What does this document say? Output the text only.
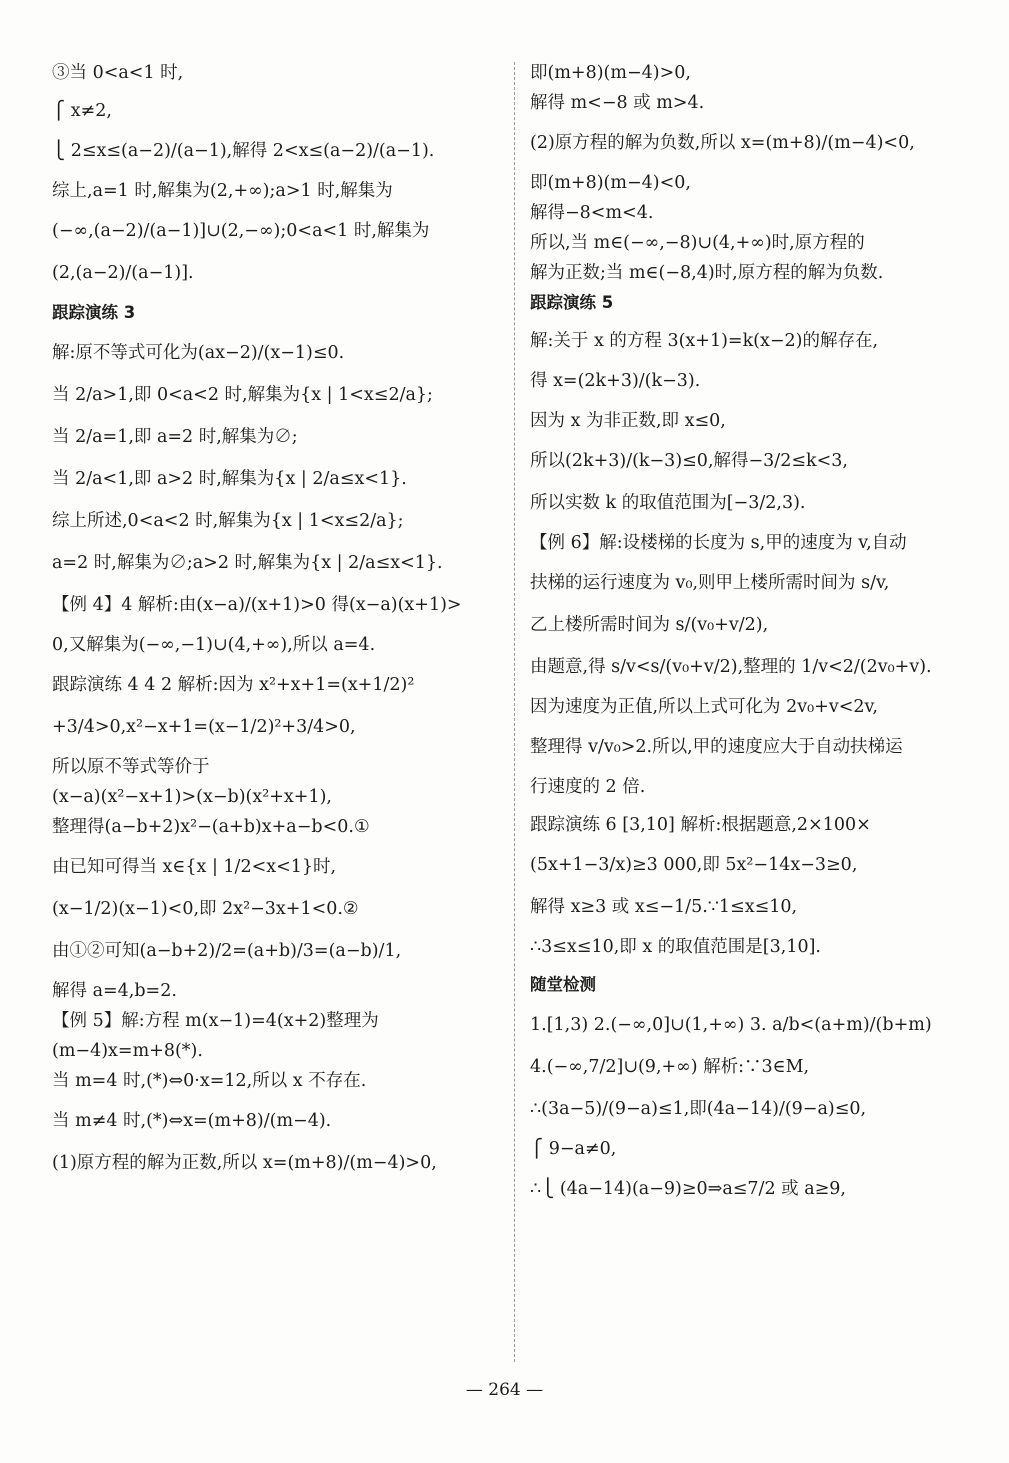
③当 0<a<1 时,
⎧ x≠2,
⎩ 2≤x≤(a−2)/(a−1),解得 2<x≤(a−2)/(a−1).
综上,a=1 时,解集为(2,+∞);a>1 时,解集为
(−∞,(a−2)/(a−1)]∪(2,−∞);0<a<1 时,解集为
(2,(a−2)/(a−1)].
跟踪演练 3
解:原不等式可化为(ax−2)/(x−1)≤0.
当 2/a>1,即 0<a<2 时,解集为{x | 1<x≤2/a};
当 2/a=1,即 a=2 时,解集为∅;
当 2/a<1,即 a>2 时,解集为{x | 2/a≤x<1}.
综上所述,0<a<2 时,解集为{x | 1<x≤2/a};
a=2 时,解集为∅;a>2 时,解集为{x | 2/a≤x<1}.
【例 4】4 解析:由(x−a)/(x+1)>0 得(x−a)(x+1)>
0,又解集为(−∞,−1)∪(4,+∞),所以 a=4.
跟踪演练 4 4 2 解析:因为 x²+x+1=(x+1/2)²
+3/4>0,x²−x+1=(x−1/2)²+3/4>0,
所以原不等式等价于
(x−a)(x²−x+1)>(x−b)(x²+x+1),
整理得(a−b+2)x²−(a+b)x+a−b<0.①
由已知可得当 x∈{x | 1/2<x<1}时,
(x−1/2)(x−1)<0,即 2x²−3x+1<0.②
由①②可知(a−b+2)/2=(a+b)/3=(a−b)/1,
解得 a=4,b=2.
【例 5】解:方程 m(x−1)=4(x+2)整理为
(m−4)x=m+8(*).
当 m=4 时,(*)⇔0·x=12,所以 x 不存在.
当 m≠4 时,(*)⇔x=(m+8)/(m−4).
(1)原方程的解为正数,所以 x=(m+8)/(m−4)>0,
即(m+8)(m−4)>0,
解得 m<−8 或 m>4.
(2)原方程的解为负数,所以 x=(m+8)/(m−4)<0,
即(m+8)(m−4)<0,
解得−8<m<4.
所以,当 m∈(−∞,−8)∪(4,+∞)时,原方程的
解为正数;当 m∈(−8,4)时,原方程的解为负数.
跟踪演练 5
解:关于 x 的方程 3(x+1)=k(x−2)的解存在,
得 x=(2k+3)/(k−3).
因为 x 为非正数,即 x≤0,
所以(2k+3)/(k−3)≤0,解得−3/2≤k<3,
所以实数 k 的取值范围为[−3/2,3).
【例 6】解:设楼梯的长度为 s,甲的速度为 v,自动
扶梯的运行速度为 v₀,则甲上楼所需时间为 s/v,
乙上楼所需时间为 s/(v₀+v/2),
由题意,得 s/v<s/(v₀+v/2),整理的 1/v<2/(2v₀+v).
因为速度为正值,所以上式可化为 2v₀+v<2v,
整理得 v/v₀>2.所以,甲的速度应大于自动扶梯运
行速度的 2 倍.
跟踪演练 6 [3,10] 解析:根据题意,2×100×
(5x+1−3/x)≥3 000,即 5x²−14x−3≥0,
解得 x≥3 或 x≤−1/5.∵1≤x≤10,
∴3≤x≤10,即 x 的取值范围是[3,10].
随堂检测
1.[1,3) 2.(−∞,0]∪(1,+∞) 3. a/b<(a+m)/(b+m)
4.(−∞,7/2]∪(9,+∞) 解析:∵3∈M,
∴(3a−5)/(9−a)≤1,即(4a−14)/(9−a)≤0,
⎧ 9−a≠0,
∴⎩ (4a−14)(a−9)≥0⇒a≤7/2 或 a≥9,
— 264 —
